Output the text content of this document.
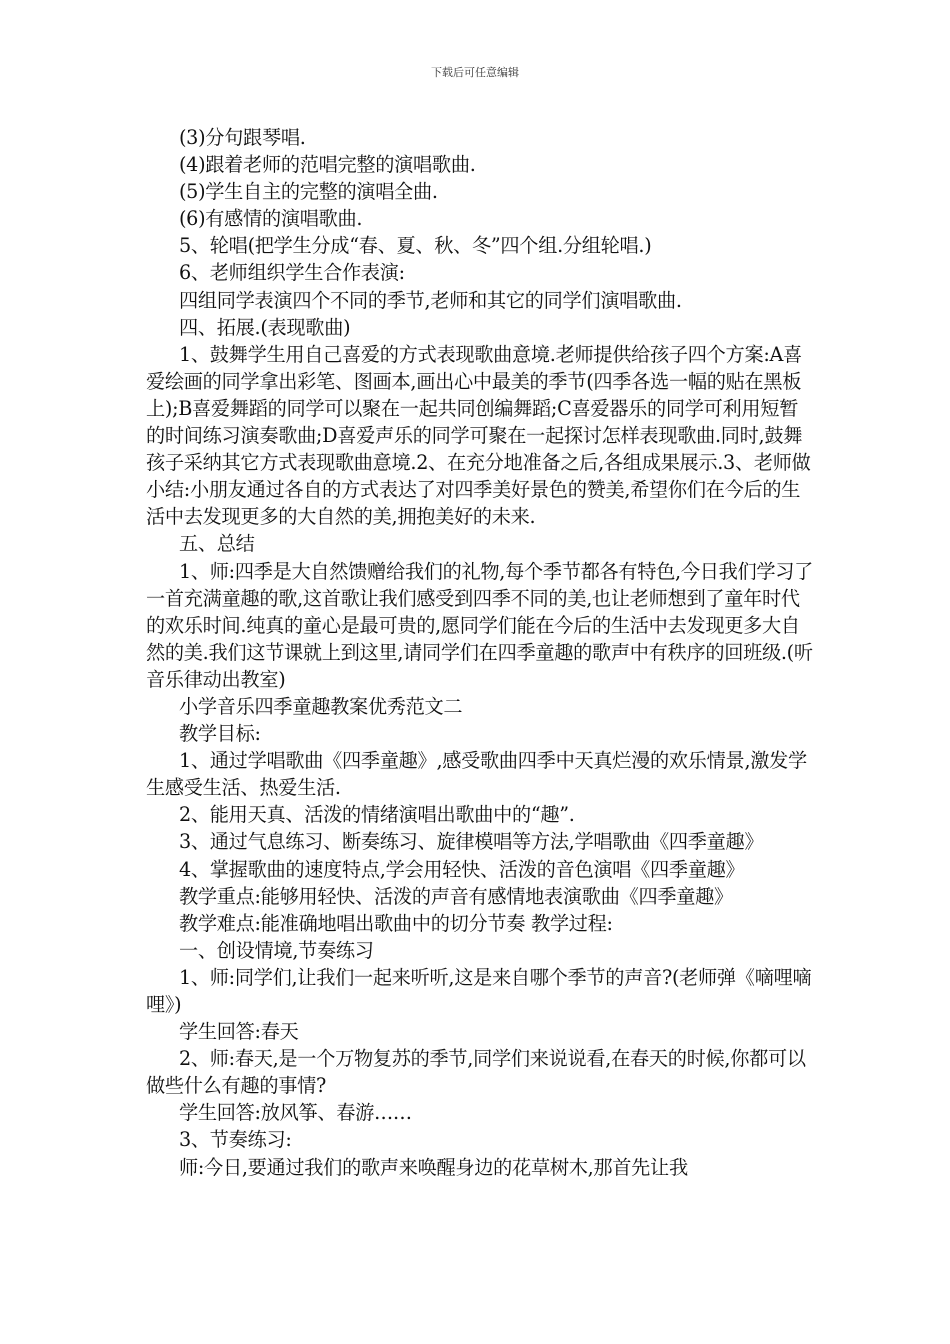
下载后可任意编辑

(3)分句跟琴唱.

(4)跟着老师的范唱完整的演唱歌曲.

(5)学生自主的完整的演唱全曲.

(6)有感情的演唱歌曲.

5、轮唱(把学生分成“春、夏、秋、冬”四个组.分组轮唱.)

6、老师组织学生合作表演:

四组同学表演四个不同的季节,老师和其它的同学们演唱歌曲.

四、拓展.(表现歌曲)

1、鼓舞学生用自己喜爱的方式表现歌曲意境.老师提供给孩子四个方案:A喜爱绘画的同学拿出彩笔、图画本,画出心中最美的季节(四季各选一幅的贴在黑板上);B喜爱舞蹈的同学可以聚在一起共同创编舞蹈;C喜爱器乐的同学可利用短暂的时间练习演奏歌曲;D喜爱声乐的同学可聚在一起探讨怎样表现歌曲.同时,鼓舞孩子采纳其它方式表现歌曲意境.2、在充分地准备之后,各组成果展示.3、老师做小结:小朋友通过各自的方式表达了对四季美好景色的赞美,希望你们在今后的生活中去发现更多的大自然的美,拥抱美好的未来.

五、总结

1、师:四季是大自然馈赠给我们的礼物,每个季节都各有特色,今日我们学习了一首充满童趣的歌,这首歌让我们感受到四季不同的美,也让老师想到了童年时代的欢乐时间.纯真的童心是最可贵的,愿同学们能在今后的生活中去发现更多大自然的美.我们这节课就上到这里,请同学们在四季童趣的歌声中有秩序的回班级.(听音乐律动出教室)

小学音乐四季童趣教案优秀范文二

教学目标:

1、通过学唱歌曲《四季童趣》,感受歌曲四季中天真烂漫的欢乐情景,激发学生感受生活、热爱生活.

2、能用天真、活泼的情绪演唱出歌曲中的“趣”.

3、通过气息练习、断奏练习、旋律模唱等方法,学唱歌曲《四季童趣》

4、掌握歌曲的速度特点,学会用轻快、活泼的音色演唱《四季童趣》

教学重点:能够用轻快、活泼的声音有感情地表演歌曲《四季童趣》

教学难点:能准确地唱出歌曲中的切分节奏 教学过程:

一、创设情境,节奏练习

1、师:同学们,让我们一起来听听,这是来自哪个季节的声音?(老师弹《嘀哩嘀哩》)

学生回答:春天

2、师:春天,是一个万物复苏的季节,同学们来说说看,在春天的时候,你都可以做些什么有趣的事情?

学生回答:放风筝、春游……

3、节奏练习:

师:今日,要通过我们的歌声来唤醒身边的花草树木,那首先让我
